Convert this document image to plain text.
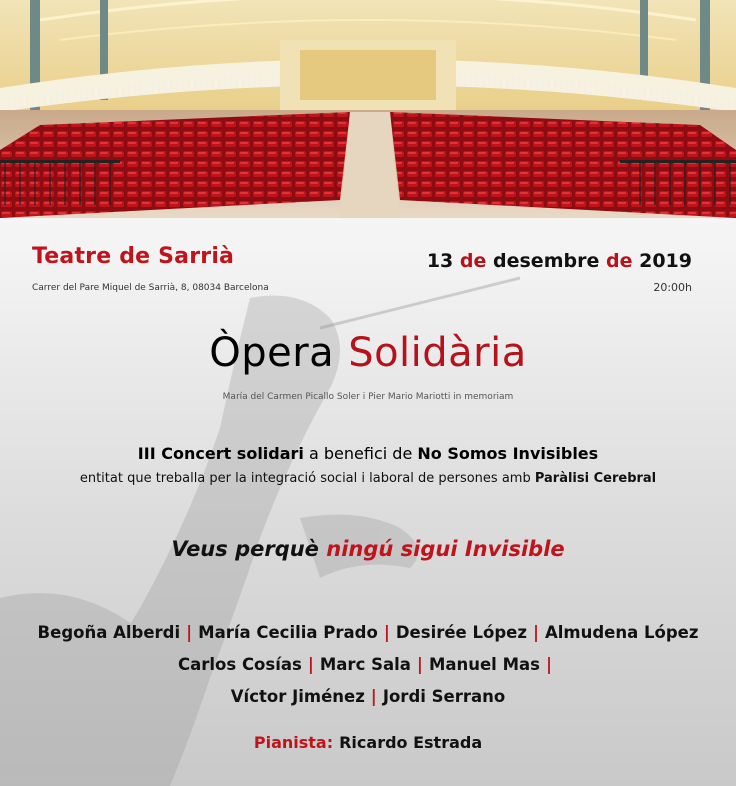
Teatre de Sarrià
Carrer del Pare Miquel de Sarrià, 8, 08034 Barcelona
13 de desembre de 2019
20:00h
Òpera Solidària
María del Carmen Picallo Soler i Pier Mario Mariotti in memoriam
III Concert solidari a benefici de No Somos Invisibles
entitat que treballa per la integració social i laboral de persones amb Paràlisi Cerebral
Veus perquè ningú sigui Invisible
Begoña Alberdi | María Cecilia Prado | Desirée López | Almudena López
Carlos Cosías | Marc Sala | Manuel Mas |
Víctor Jiménez | Jordi Serrano
Pianista: Ricardo Estrada
